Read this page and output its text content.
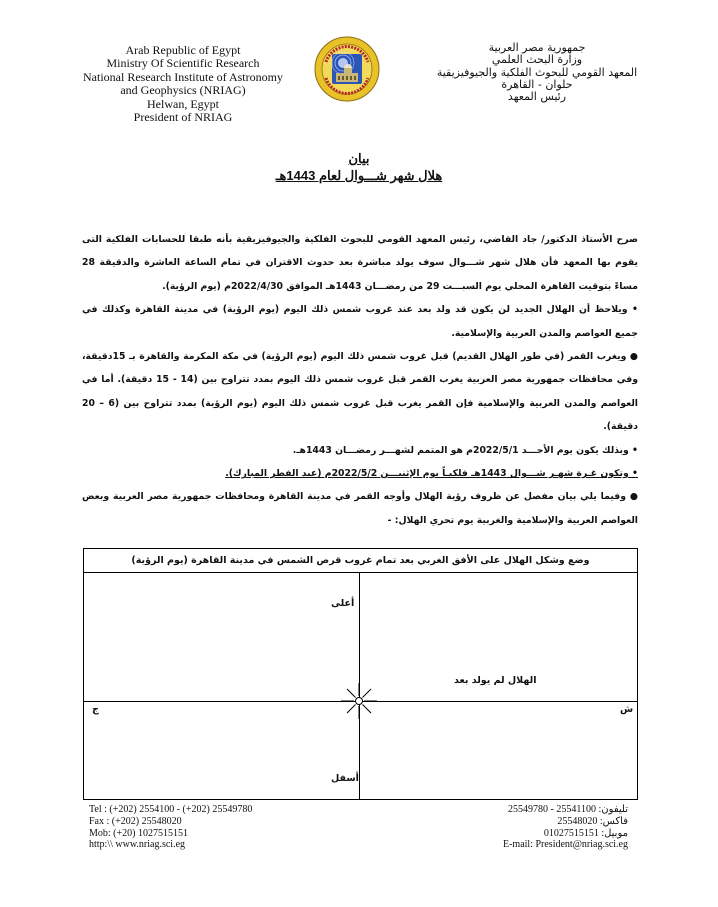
Arab Republic of Egypt
Ministry Of Scientific Research
National Research Institute of Astronomy
and Geophysics (NRIAG)
Helwan, Egypt
President of NRIAG
جمهورية مصر العربية
وزارة البحث العلمي
المعهد القومي للبحوث الفلكية والجيوفيزيقية
حلوان - القاهرة
رئيس المعهد
بيان
هلال شهر شـــوال لعام 1443هـ

صرح الأستاذ الدكتور/ جاد القاضي، رئيس المعهد القومي للبحوث الفلكية والجيوفيزيقية بأنه طبقا للحسابات الفلكية التى يقوم بها المعهد فأن هلال شهر شـــوال سوف يولد مباشرة بعد حدوث الاقتران في تمام الساعة العاشرة والدقيقة 28 مساءً بتوقيت القاهرة المحلي يوم السبـــت 29 من رمضـــان 1443هـ الموافق 2022/4/30م (يوم الرؤية).

• ويلاحظ أن الهلال الجديد لن يكون قد ولد بعد عند غروب شمس ذلك اليوم (يوم الرؤية) في مدينة القاهرة وكذلك في جميع العواصم والمدن العربية والإسلامية.

● ويغرب القمر (في طور الهلال القديم) قبل غروب شمس ذلك اليوم (يوم الرؤية) في مكة المكرمة والقاهرة بـ 15دقيقة، وفي محافظات جمهورية مصر العربية يغرب القمر قبل غروب شمس ذلك اليوم بمدد تتراوح بين (14 - 15 دقيقة). أما في العواصم والمدن العربية والإسلامية فإن القمر يغرب قبل غروب شمس ذلك اليوم (يوم الرؤية) بمدد تتراوح بين (6 – 20 دقيقة).

• وبذلك يكون يوم الأحـــد 2022/5/1م هو المتمم لشهـــر رمضـــان 1443هـ.

• وتكون غـرة شهـر شـــوال 1443هـ فلكيـاً يوم الإثنيـــن 2022/5/2م (عيد الفطر المبارك).

● وفيما يلي بيان مفصل عن ظروف رؤية الهلال وأوجه القمر في مدينة القاهرة ومحافظات جمهورية مصر العربية وبعض العواصم العربية والإسلامية والغربية يوم تحري الهلال: -

وضع وشكل الهلال على الأفق الغربي بعد تمام غروب قرص الشمس في مدينة القاهرة (يوم الرؤية)
أعلى
أسفل
ش
ج
الهلال لم يولد بعد
Tel : (+202) 2554100 - (+202) 25549780
Fax : (+202) 25548020
Mob: (+20) 1027515151
http:\\ www.nriag.sci.eg
تليفون: 25541100 - 25549780
فاكس: 25548020
موبيل: 01027515151
E-mail: President@nriag.sci.eg
